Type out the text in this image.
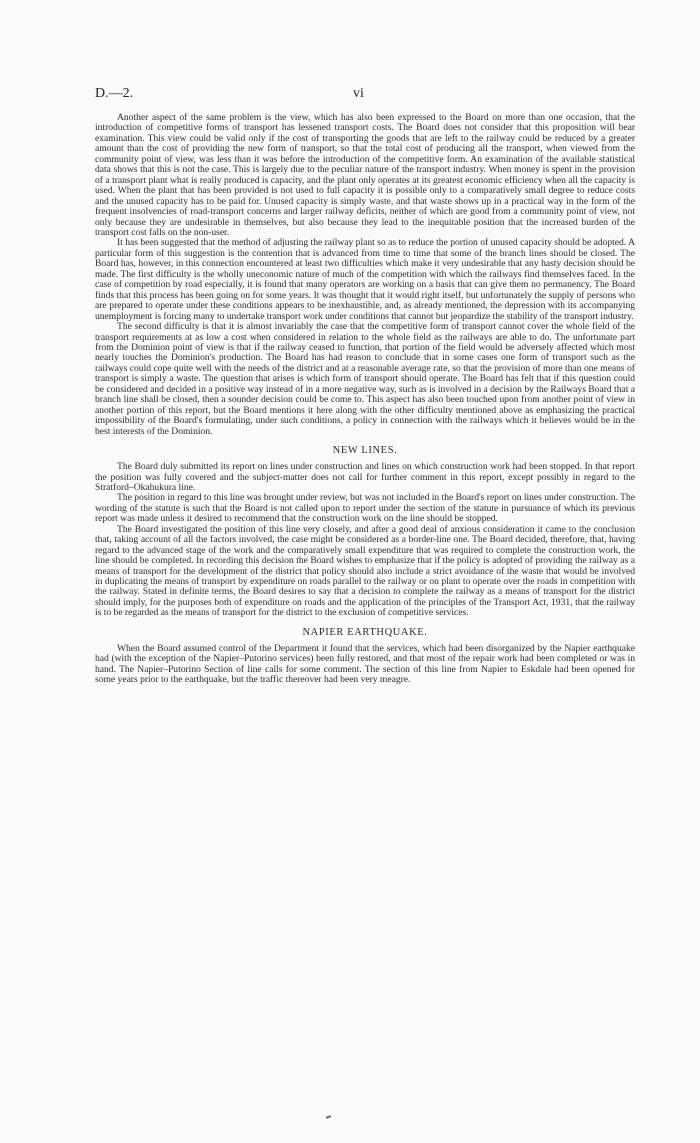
D.—2.	vi

Another aspect of the same problem is the view, which has also been expressed to the Board on more than one occasion, that the introduction of competitive forms of transport has lessened transport costs. The Board does not consider that this proposition will bear examination. This view could be valid only if the cost of transporting the goods that are left to the railway could be reduced by a greater amount than the cost of providing the new form of transport, so that the total cost of producing all the transport, when viewed from the community point of view, was less than it was before the introduction of the competitive form. An examination of the available statistical data shows that this is not the case. This is largely due to the peculiar nature of the transport industry. When money is spent in the provision of a transport plant what is really produced is capacity, and the plant only operates at its greatest economic efficiency when all the capacity is used. When the plant that has been provided is not used to full capacity it is possible only to a comparatively small degree to reduce costs and the unused capacity has to be paid for. Unused capacity is simply waste, and that waste shows up in a practical way in the form of the frequent insolvencies of road-transport concerns and larger railway deficits, neither of which are good from a community point of view, not only because they are undesirable in themselves, but also because they lead to the inequitable position that the increased burden of the transport cost falls on the non-user.

It has been suggested that the method of adjusting the railway plant so as to reduce the portion of unused capacity should be adopted. A particular form of this suggestion is the contention that is advanced from time to time that some of the branch lines should be closed. The Board has, however, in this connection encountered at least two difficulties which make it very undesirable that any hasty decision should be made. The first difficulty is the wholly uneconomic nature of much of the competition with which the railways find themselves faced. In the case of competition by road especially, it is found that many operators are working on a basis that can give them no permanency. The Board finds that this process has been going on for some years. It was thought that it would right itself, but unfortunately the supply of persons who are prepared to operate under these conditions appears to be inexhaustible, and, as already mentioned, the depression with its accompanying unemployment is forcing many to undertake transport work under conditions that cannot but jeopardize the stability of the transport industry.

The second difficulty is that it is almost invariably the case that the competitive form of transport cannot cover the whole field of the transport requirements at as low a cost when considered in relation to the whole field as the railways are able to do. The unfortunate part from the Dominion point of view is that if the railway ceased to function, that portion of the field would be adversely affected which most nearly touches the Dominion's production. The Board has had reason to conclude that in some cases one form of transport such as the railways could cope quite well with the needs of the district and at a reasonable average rate, so that the provision of more than one means of transport is simply a waste. The question that arises is which form of transport should operate. The Board has felt that if this question could be considered and decided in a positive way instead of in a more negative way, such as is involved in a decision by the Railways Board that a branch line shall be closed, then a sounder decision could be come to. This aspect has also been touched upon from another point of view in another portion of this report, but the Board mentions it here along with the other difficulty mentioned above as emphasizing the practical impossibility of the Board's formulating, under such conditions, a policy in connection with the railways which it believes would be in the best interests of the Dominion.

NEW LINES.

The Board duly submitted its report on lines under construction and lines on which construction work had been stopped. In that report the position was fully covered and the subject-matter does not call for further comment in this report, except possibly in regard to the Stratford–Okahukura line.

The position in regard to this line was brought under review, but was not included in the Board's report on lines under construction. The wording of the statute is such that the Board is not called upon to report under the section of the statute in pursuance of which its previous report was made unless it desired to recommend that the construction work on the line should be stopped.

The Board investigated the position of this line very closely, and after a good deal of anxious consideration it came to the conclusion that, taking account of all the factors involved, the case might be considered as a border-line one. The Board decided, therefore, that, having regard to the advanced stage of the work and the comparatively small expenditure that was required to complete the construction work, the line should be completed. In recording this decision the Board wishes to emphasize that if the policy is adopted of providing the railway as a means of transport for the development of the district that policy should also include a strict avoidance of the waste that would be involved in duplicating the means of transport by expenditure on roads parallel to the railway or on plant to operate over the roads in competition with the railway. Stated in definite terms, the Board desires to say that a decision to complete the railway as a means of transport for the district should imply, for the purposes both of expenditure on roads and the application of the principles of the Transport Act, 1931, that the railway is to be regarded as the means of transport for the district to the exclusion of competitive services.

NAPIER EARTHQUAKE.

When the Board assumed control of the Department it found that the services, which had been disorganized by the Napier earthquake had (with the exception of the Napier–Putorino services) been fully restored, and that most of the repair work had been completed or was in hand. The Napier–Putorino Section of line calls for some comment. The section of this line from Napier to Eskdale had been opened for some years prior to the earthquake, but the traffic thereover had been very meagre.
